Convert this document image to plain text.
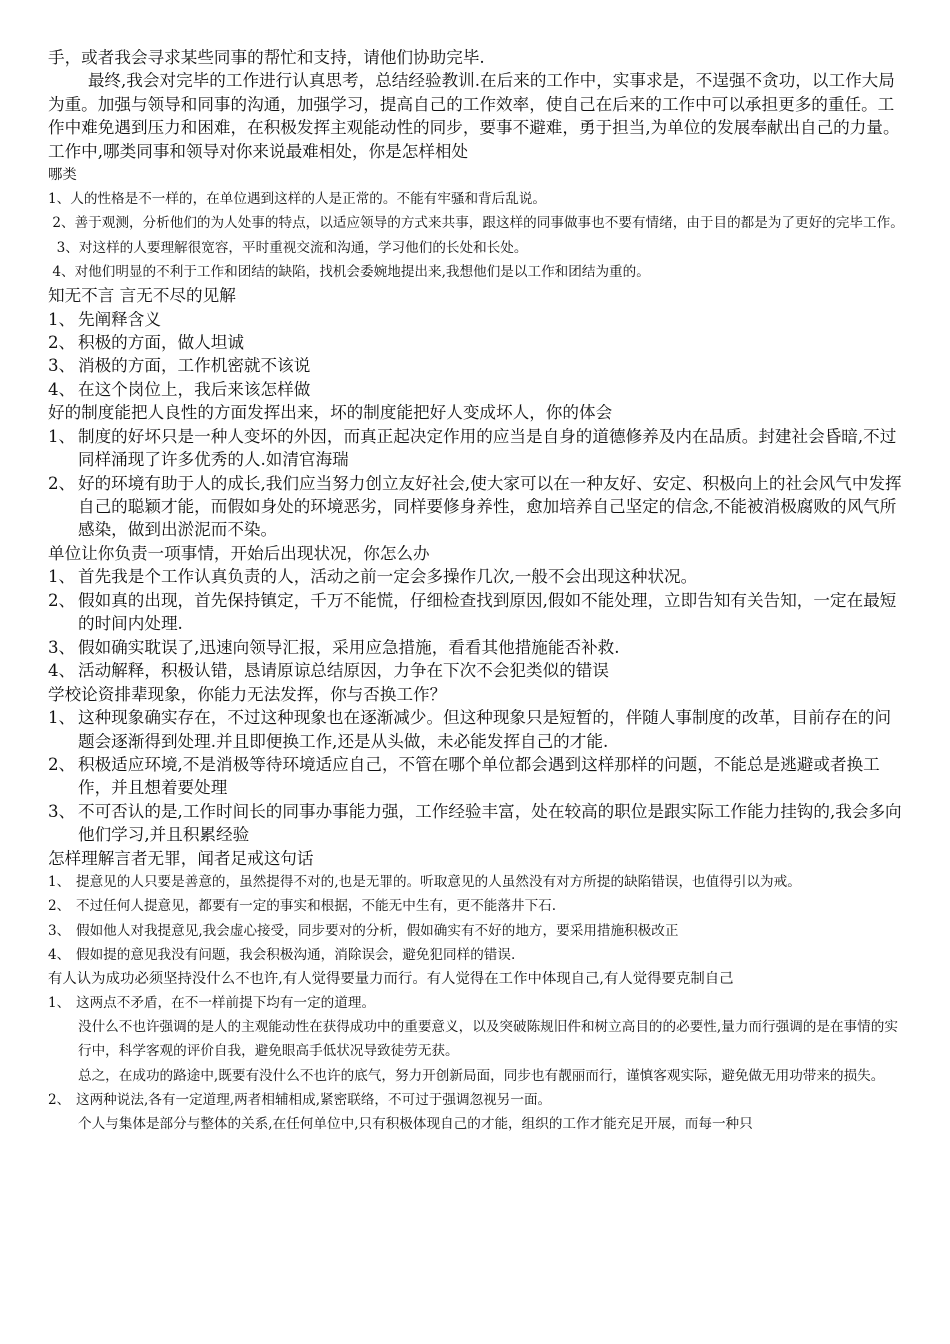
手，或者我会寻求某些同事的帮忙和支持，请他们协助完毕.

最终,我会对完毕的工作进行认真思考，总结经验教训.在后来的工作中，实事求是，不逞强不贪功，以工作大局为重。加强与领导和同事的沟通，加强学习，提高自己的工作效率，使自己在后来的工作中可以承担更多的重任。工作中难免遇到压力和困难，在积极发挥主观能动性的同步，要事不避难，勇于担当,为单位的发展奉献出自己的力量。

工作中,哪类同事和领导对你来说最难相处，你是怎样相处

哪类

1、人的性格是不一样的，在单位遇到这样的人是正常的。不能有牢骚和背后乱说。

2、善于观测，分析他们的为人处事的特点，以适应领导的方式来共事，跟这样的同事做事也不要有情绪，由于目的都是为了更好的完毕工作。

3、对这样的人要理解很宽容，平时重视交流和沟通，学习他们的长处和长处。

4、对他们明显的不利于工作和团结的缺陷，找机会委婉地提出来,我想他们是以工作和团结为重的。

知无不言 言无不尽的见解

1、 先阐释含义
2、 积极的方面，做人坦诚
3、 消极的方面，工作机密就不该说
4、 在这个岗位上，我后来该怎样做

好的制度能把人良性的方面发挥出来，坏的制度能把好人变成坏人，你的体会

1、 制度的好坏只是一种人变坏的外因，而真正起决定作用的应当是自身的道德修养及内在品质。封建社会昏暗,不过同样涌现了许多优秀的人.如清官海瑞
2、 好的环境有助于人的成长,我们应当努力创立友好社会,使大家可以在一种友好、安定、积极向上的社会风气中发挥自己的聪颖才能，而假如身处的环境恶劣，同样要修身养性，愈加培养自己坚定的信念,不能被消极腐败的风气所感染，做到出淤泥而不染。

单位让你负责一项事情，开始后出现状况，你怎么办

1、 首先我是个工作认真负责的人，活动之前一定会多操作几次,一般不会出现这种状况。
2、 假如真的出现，首先保持镇定，千万不能慌，仔细检查找到原因,假如不能处理，立即告知有关告知，一定在最短的时间内处理.
3、 假如确实耽误了,迅速向领导汇报，采用应急措施，看看其他措施能否补救.
4、 活动解释，积极认错，恳请原谅总结原因，力争在下次不会犯类似的错误

学校论资排辈现象，你能力无法发挥，你与否换工作？

1、 这种现象确实存在，不过这种现象也在逐渐减少。但这种现象只是短暂的，伴随人事制度的改革，目前存在的问题会逐渐得到处理.并且即便换工作,还是从头做，未必能发挥自己的才能.
2、 积极适应环境,不是消极等待环境适应自己，不管在哪个单位都会遇到这样那样的问题，不能总是逃避或者换工作，并且想着要处理
3、 不可否认的是,工作时间长的同事办事能力强，工作经验丰富，处在较高的职位是跟实际工作能力挂钩的,我会多向他们学习,并且积累经验

怎样理解言者无罪，闻者足戒这句话

1、 提意见的人只要是善意的，虽然提得不对的,也是无罪的。听取意见的人虽然没有对方所提的缺陷错误，也值得引以为戒。
2、 不过任何人提意见，都要有一定的事实和根据，不能无中生有，更不能落井下石.
3、 假如他人对我提意见,我会虚心接受，同步要对的分析，假如确实有不好的地方，要采用措施积极改正
4、 假如提的意见我没有问题，我会积极沟通，消除误会，避免犯同样的错误.

有人认为成功必须坚持没什么不也许,有人觉得要量力而行。有人觉得在工作中体现自己,有人觉得要克制自己

1、 这两点不矛盾，在不一样前提下均有一定的道理。

没什么不也许强调的是人的主观能动性在获得成功中的重要意义，以及突破陈规旧件和树立高目的的必要性,量力而行强调的是在事情的实行中，科学客观的评价自我，避免眼高手低状况导致徒劳无获。

总之，在成功的路途中,既要有没什么不也许的底气，努力开创新局面，同步也有靓丽而行，谨慎客观实际，避免做无用功带来的损失。

2、 这两种说法,各有一定道理,两者相辅相成,紧密联络，不可过于强调忽视另一面。

个人与集体是部分与整体的关系,在任何单位中,只有积极体现自己的才能，组织的工作才能充足开展，而每一种只
